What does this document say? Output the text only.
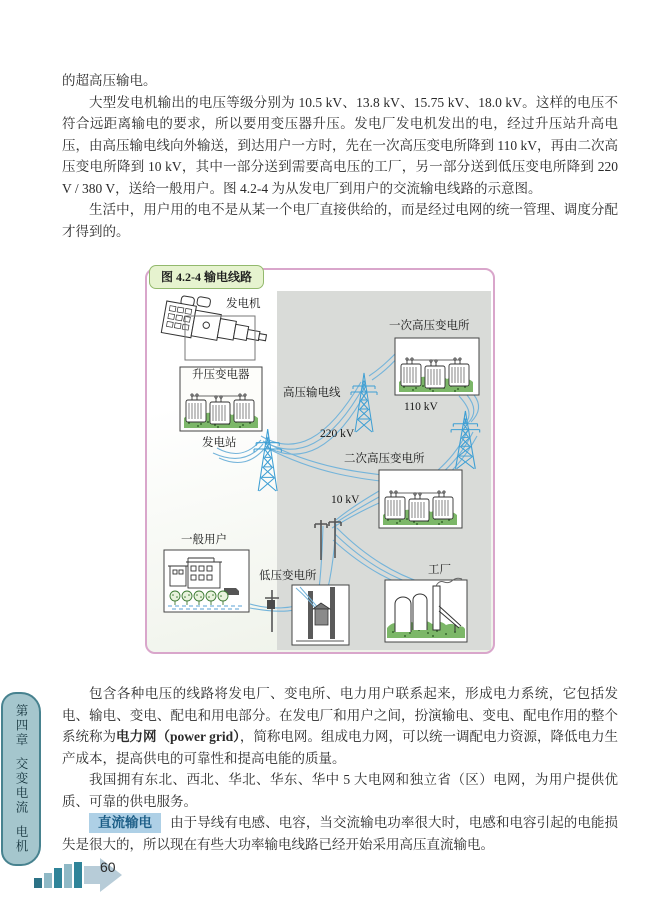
的超高压输电。

大型发电机输出的电压等级分别为 10.5 kV、13.8 kV、15.75 kV、18.0 kV。这样的电压不符合远距离输电的要求，所以要用变压器升压。发电厂发电机发出的电，经过升压站升高电压，由高压输电线向外输送，到达用户一方时，先在一次高压变电所降到 110 kV，再由二次高压变电所降到 10 kV，其中一部分送到需要高电压的工厂，另一部分送到低压变电所降到 220 V / 380 V，送给一般用户。图 4.2-4 为从发电厂到用户的交流输电线路的示意图。

生活中，用户用的电不是从某一个电厂直接供给的，而是经过电网的统一管理、调度分配才得到的。

图 4.2-4 输电线路
发电机
升压变电器
发电站
高压输电线
220 kV
一次高压变电所
110 kV
二次高压变电所
10 kV
一般用户
低压变电所	工厂

包含各种电压的线路将发电厂、变电所、电力用户联系起来，形成电力系统，它包括发电、输电、变电、配电和用电部分。在发电厂和用户之间，扮演输电、变电、配电作用的整个系统称为电力网（power grid），简称电网。组成电力网，可以统一调配电力资源，降低电力生产成本，提高供电的可靠性和提高电能的质量。

我国拥有东北、西北、华北、华东、华中 5 大电网和独立省（区）电网，为用户提供优质、可靠的供电服务。

直流输电 由于导线有电感、电容，当交流输电功率很大时，电感和电容引起的电能损失是很大的，所以现在有些大功率输电线路已经开始采用高压直流输电。

第四章
交变电流
电机
60
